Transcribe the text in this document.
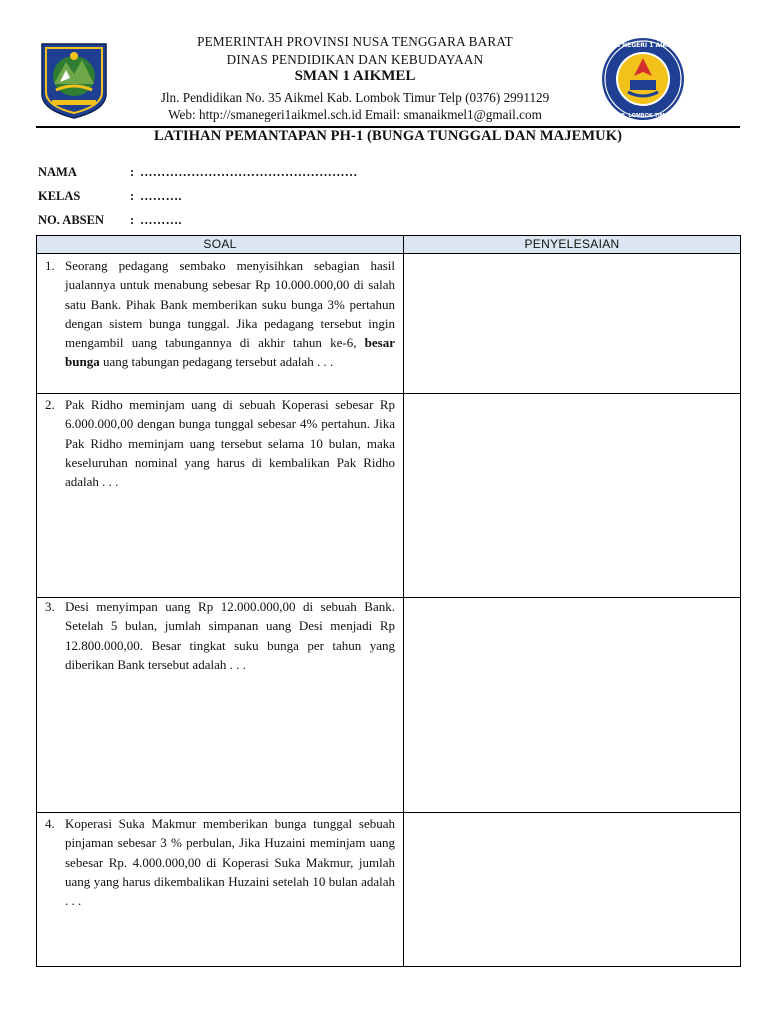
SMA NEGERI 1 AIKMEL
KAB. LOMBOK TIMUR
PEMERINTAH PROVINSI NUSA TENGGARA BARAT
DINAS PENDIDIKAN DAN KEBUDAYAAN
SMAN 1 AIKMEL
Jln. Pendidikan No. 35 Aikmel Kab. Lombok Timur Telp (0376) 2991129
Web: http://smanegeri1aikmel.sch.id Email: smanaikmel1@gmail.com
LATIHAN PEMANTAPAN PH-1 (BUNGA TUNGGAL DAN MAJEMUK)
NAMA	: ……………………………………………
KELAS	: ……….
NO. ABSEN : ……….
SOAL	PENYELESAIAN
1. Seorang pedagang sembako menyisihkan sebagian hasil jualannya untuk menabung sebesar Rp 10.000.000,00 di salah satu Bank. Pihak Bank memberikan suku bunga 3% pertahun dengan sistem bunga tunggal. Jika pedagang tersebut ingin mengambil uang tabungannya di akhir tahun ke-6, besar bunga uang tabungan pedagang tersebut adalah . . .
2. Pak Ridho meminjam uang di sebuah Koperasi sebesar Rp 6.000.000,00 dengan bunga tunggal sebesar 4% pertahun. Jika Pak Ridho meminjam uang tersebut selama 10 bulan, maka keseluruhan nominal yang harus di kembalikan Pak Ridho adalah . . .
3. Desi menyimpan uang Rp 12.000.000,00 di sebuah Bank. Setelah 5 bulan, jumlah simpanan uang Desi menjadi Rp 12.800.000,00. Besar tingkat suku bunga per tahun yang diberikan Bank tersebut adalah . . .
4. Koperasi Suka Makmur memberikan bunga tunggal sebuah pinjaman sebesar 3 % perbulan, Jika Huzaini meminjam uang sebesar Rp. 4.000.000,00 di Koperasi Suka Makmur, jumlah uang yang harus dikembalikan Huzaini setelah 10 bulan adalah . . .
